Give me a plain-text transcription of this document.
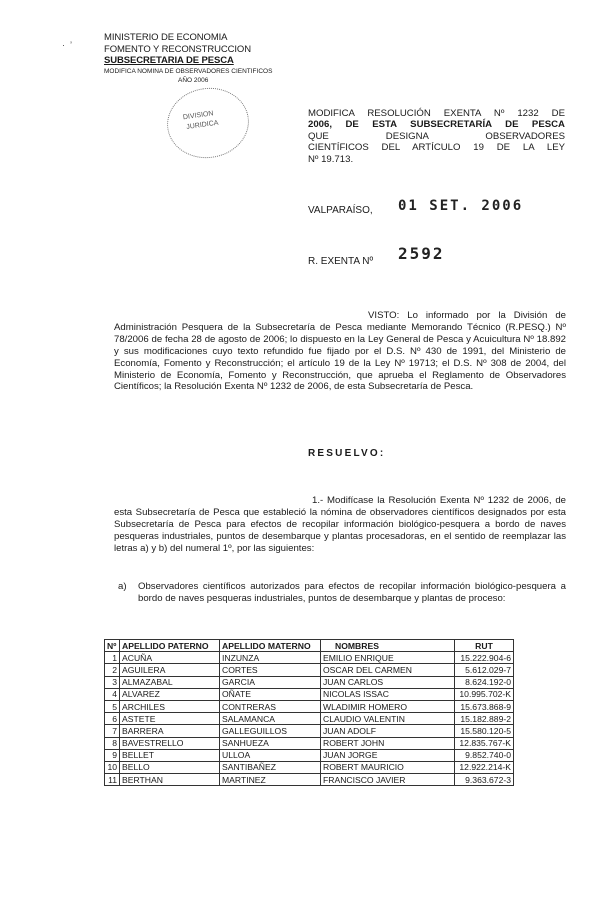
MINISTERIO DE ECONOMIA
FOMENTO Y RECONSTRUCCION
SUBSECRETARIA DE PESCA
MODIFICA NOMINA DE OBSERVADORES CIENTIFICOS
AÑO 2006
·  ’
DIVISION
JURIDICA
MODIFICA RESOLUCIÓN EXENTA Nº 1232 DE
2006, DE ESTA SUBSECRETARÍA DE PESCA
QUE DESIGNA OBSERVADORES
CIENTÍFICOS DEL ARTÍCULO 19 DE LA LEY
Nº 19.713.
VALPARAÍSO, 01 SET. 2006
R. EXENTA Nº 2592
VISTO: Lo informado por la División de Administración Pesquera de la Subsecretaría de Pesca mediante Memorando Técnico (R.PESQ.) Nº 78/2006 de fecha 28 de agosto de 2006; lo dispuesto en la Ley General de Pesca y Acuicultura Nº 18.892 y sus modificaciones cuyo texto refundido fue fijado por el D.S. Nº 430 de 1991, del Ministerio de Economía, Fomento y Reconstrucción; el artículo 19 de la Ley Nº 19713; el D.S. Nº 308 de 2004, del Ministerio de Economía, Fomento y Reconstrucción, que aprueba el Reglamento de Observadores Científicos; la Resolución Exenta Nº 1232 de 2006, de esta Subsecretaría de Pesca.
RESUELVO:
1.- Modifícase la Resolución Exenta Nº 1232 de 2006, de esta Subsecretaría de Pesca que estableció la nómina de observadores científicos designados por esta Subsecretaría de Pesca para efectos de recopilar información biológico-pesquera a bordo de naves pesqueras industriales, puntos de desembarque y plantas procesadoras, en el sentido de reemplazar las letras a) y b) del numeral 1º, por las siguientes:
a) Observadores científicos autorizados para efectos de recopilar información biológico-pesquera a bordo de naves pesqueras industriales, puntos de desembarque y plantas de proceso:
Nº	APELLIDO PATERNO	APELLIDO MATERNO	NOMBRES	RUT
1	ACUÑA	INZUNZA	EMILIO ENRIQUE	15.222.904-6
2	AGUILERA	CORTES	OSCAR DEL CARMEN	5.612.029-7
3	ALMAZABAL	GARCIA	JUAN CARLOS	8.624.192-0
4	ALVAREZ	OÑATE	NICOLAS ISSAC	10.995.702-K
5	ARCHILES	CONTRERAS	WLADIMIR HOMERO	15.673.868-9
6	ASTETE	SALAMANCA	CLAUDIO VALENTIN	15.182.889-2
7	BARRERA	GALLEGUILLOS	JUAN ADOLF	15.580.120-5
8	BAVESTRELLO	SANHUEZA	ROBERT JOHN	12.835.767-K
9	BELLET	ULLOA	JUAN JORGE	9.852.740-0
10	BELLO	SANTIBAÑEZ	ROBERT MAURICIO	12.922.214-K
11	BERTHAN	MARTINEZ	FRANCISCO JAVIER	9.363.672-3
